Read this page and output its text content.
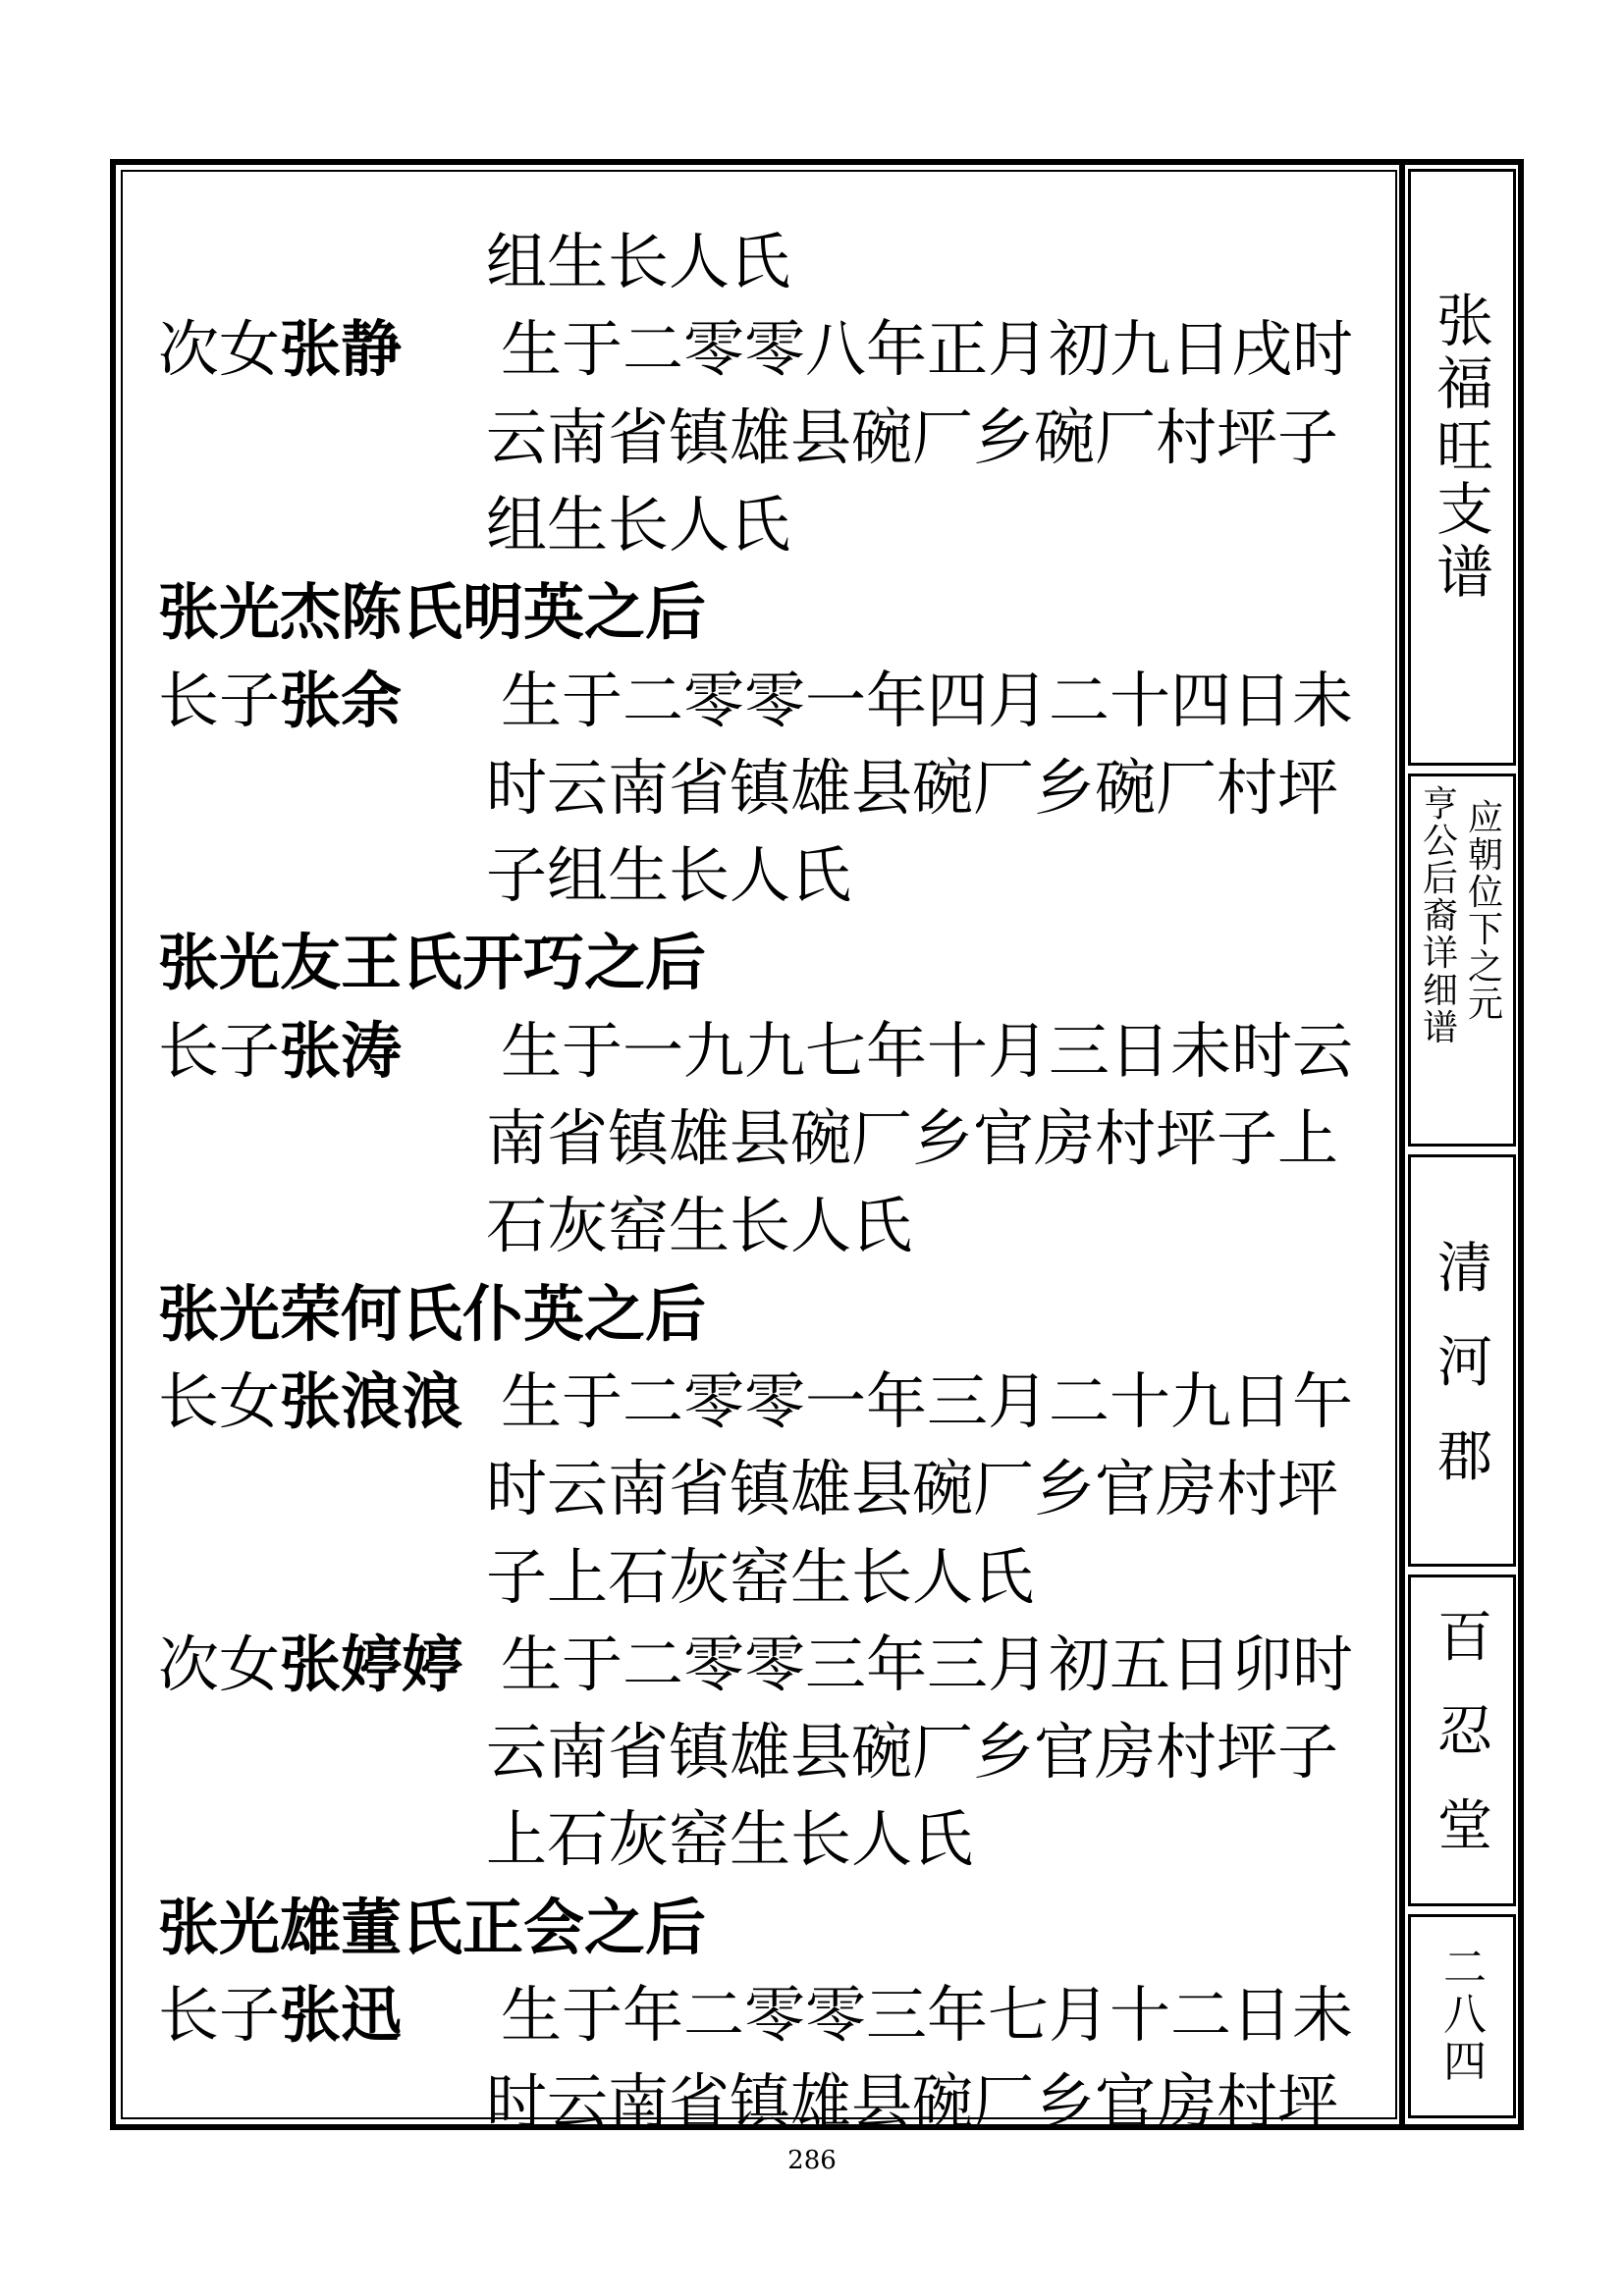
组生长人氏
次女张静 生于二零零八年正月初九日戌时
云南省镇雄县碗厂乡碗厂村坪子
组生长人氏
张光杰陈氏明英之后
长子张余 生于二零零一年四月二十四日未
时云南省镇雄县碗厂乡碗厂村坪
子组生长人氏
张光友王氏开巧之后
长子张涛 生于一九九七年十月三日未时云
南省镇雄县碗厂乡官房村坪子上
石灰窑生长人氏
张光荣何氏仆英之后
长女张浪浪 生于二零零一年三月二十九日午
时云南省镇雄县碗厂乡官房村坪
子上石灰窑生长人氏
次女张婷婷 生于二零零三年三月初五日卯时
云南省镇雄县碗厂乡官房村坪子
上石灰窑生长人氏
张光雄董氏正会之后
长子张迅 生于年二零零三年七月十二日未
时云南省镇雄县碗厂乡官房村坪
张
福
旺
支
谱
亨
公
后
裔
详
细
谱
应
朝
位
下
之
元
清
河
郡
百
忍
堂
二
八
四
286
